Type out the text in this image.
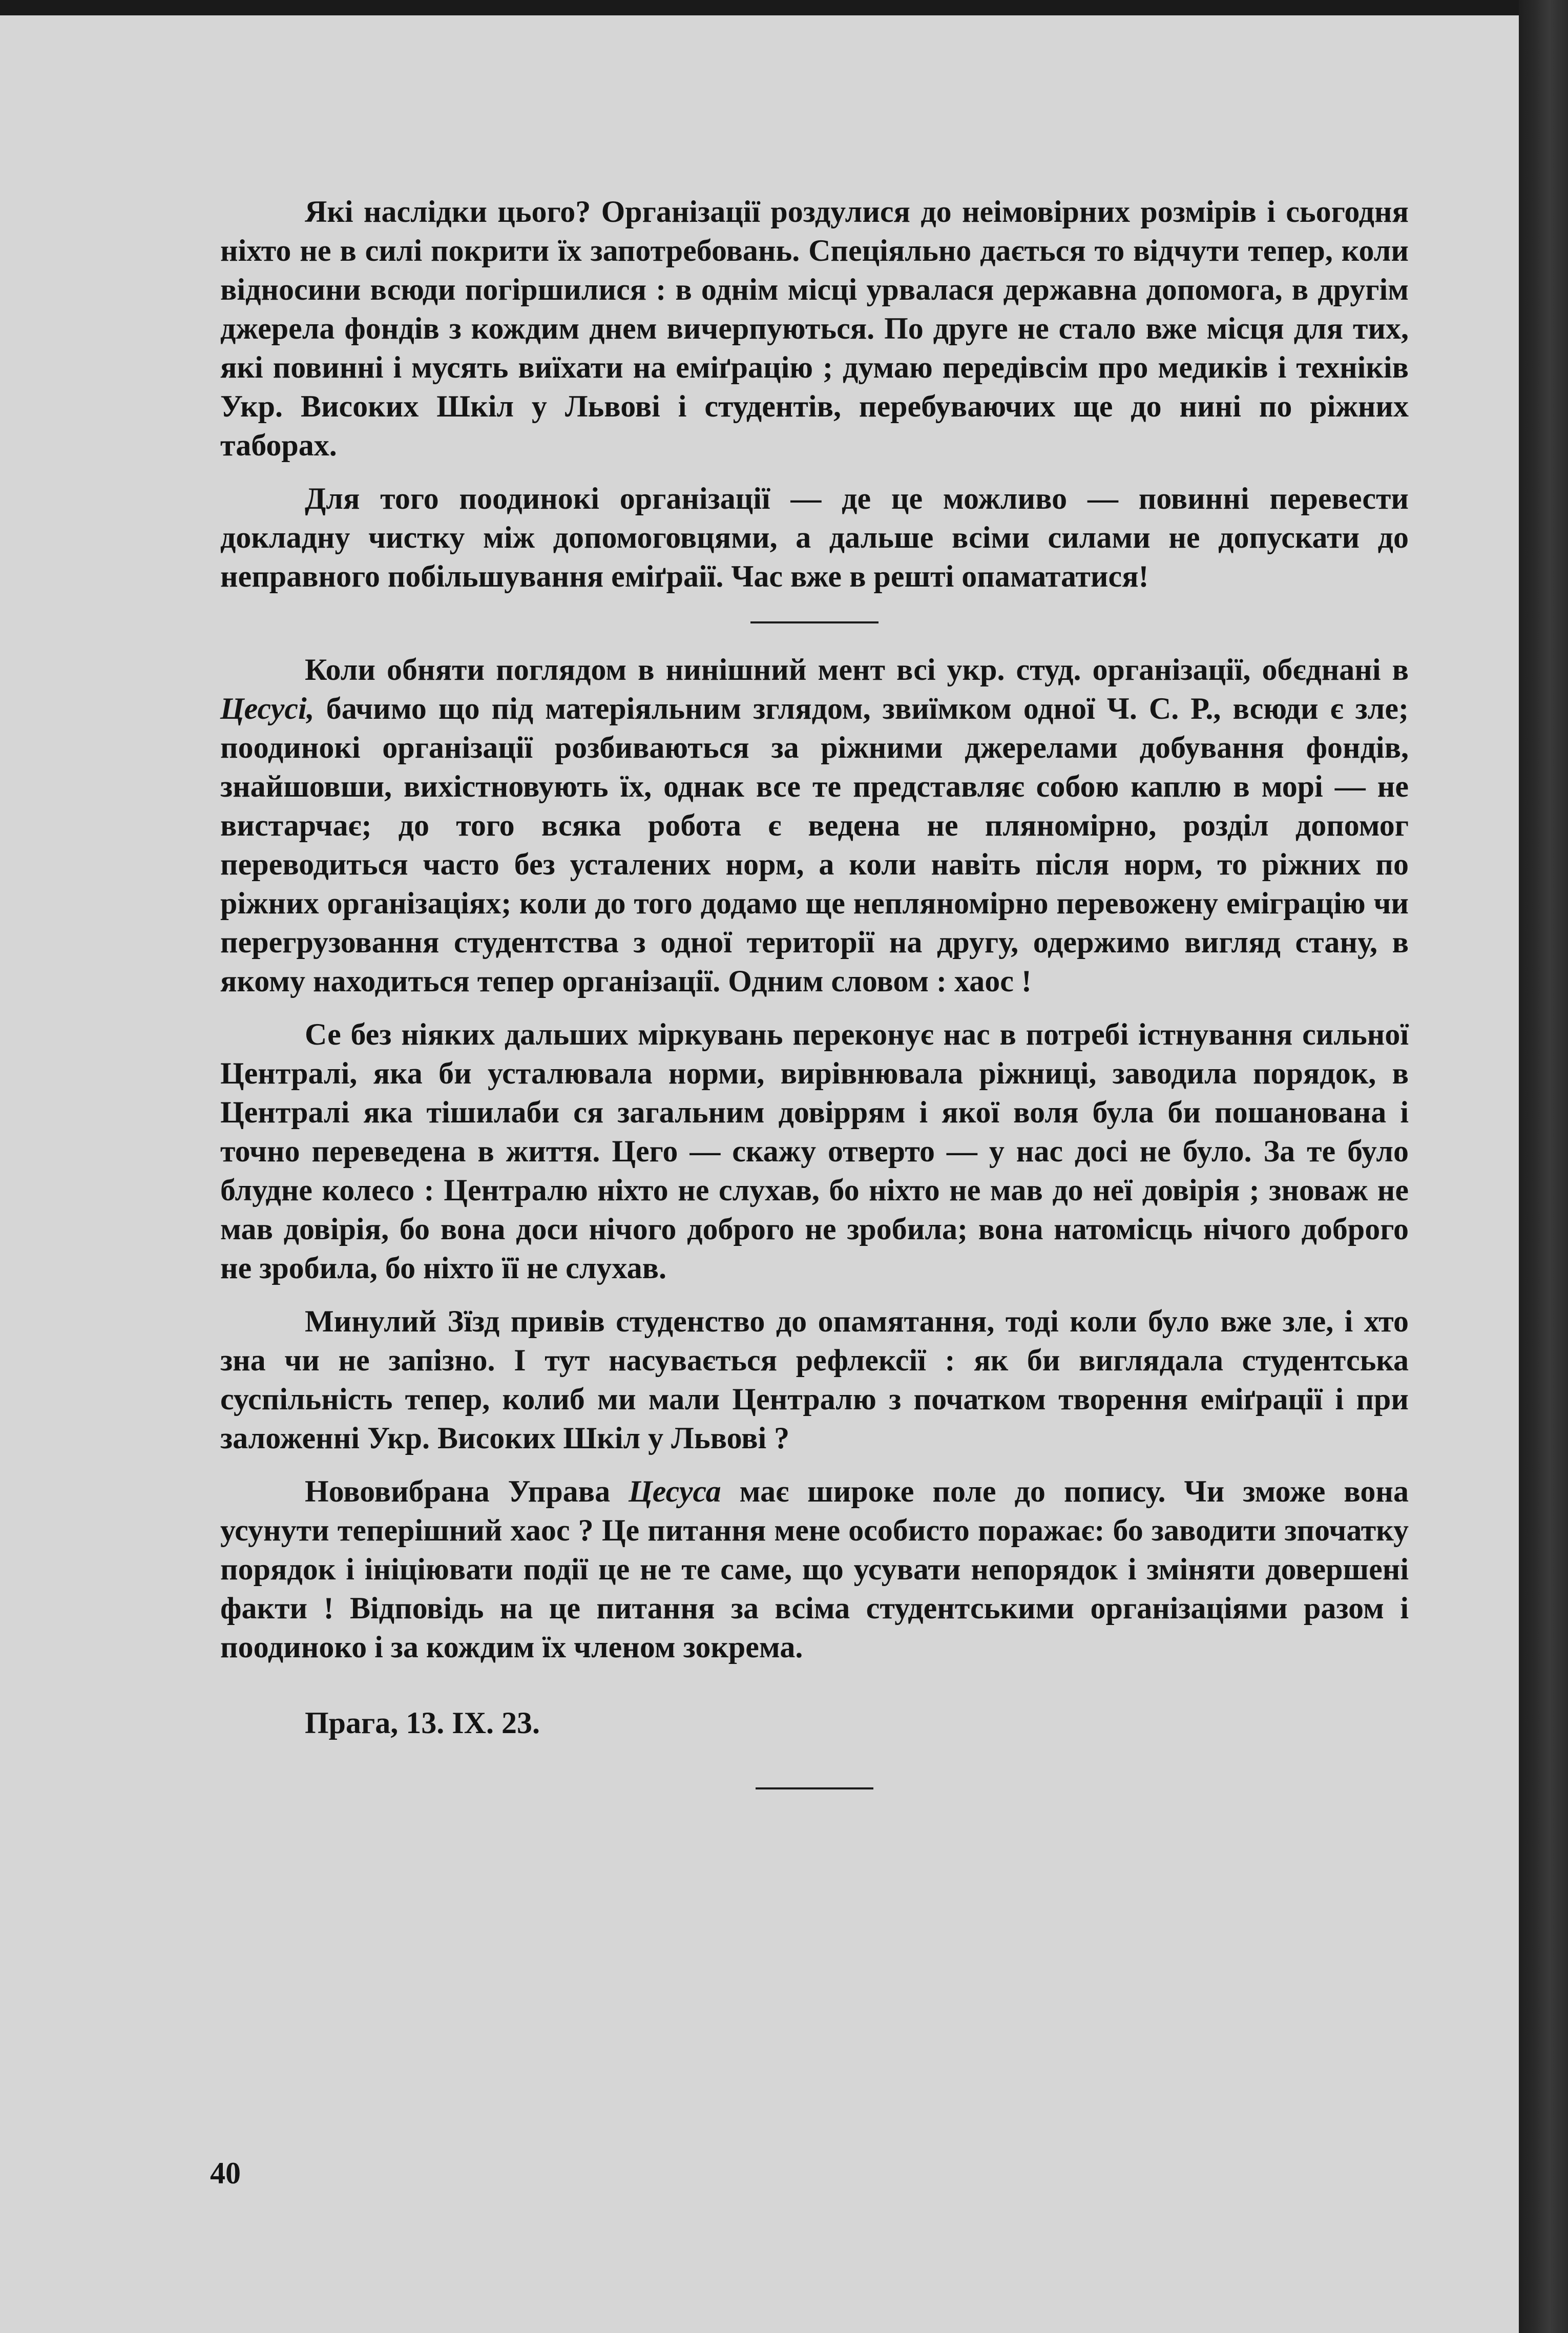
Які наслідки цього? Організації роздулися до неімовірних розмірів і сьогодня ніхто не в силі покрити їх запотребовань. Спеціяльно дається то відчути тепер, коли відносини всюди погіршилися : в однім місці урвалася державна допомога, в другім джерела фондів з кождим днем вичерпуються. По друге не стало вже місця для тих, які повинні і мусять виїхати на еміґрацію ; думаю передівсім про медиків і техніків Укр. Високих Шкіл у Львові і студентів, перебуваючих ще до нині по ріжних таборах.

Для того поодинокі організації — де це можливо — повинні перевести докладну чистку між допомоговцями, а дальше всіми силами не допускати до неправного побільшування еміґраії. Час вже в решті опамататися!

Коли обняти поглядом в нинішний мент всі укр. студ. організації, обєднані в Цесусі, бачимо що під матеріяльним зглядом, звиїмком одної Ч. С. Р., всюди є зле; поодинокі організації розбиваються за ріжними джерелами добування фондів, знайшовши, вихістновують їх, однак все те представляє собою каплю в морі — не вистарчає; до того всяка робота є ведена не пляномірно, розділ допомог переводиться часто без усталених норм, а коли навіть після норм, то ріжних по ріжних організаціях; коли до того додамо ще непляномірно перевожену еміграцію чи перегрузовання студентства з одної території на другу, одержимо вигляд стану, в якому находиться тепер організації. Одним словом : хаос !

Се без ніяких дальших міркувань переконує нас в потребі істнування сильної Централі, яка би усталювала норми, вирівнювала ріжниці, заводила порядок, в Централі яка тішилаби ся загальним довіррям і якої воля була би пошанована і точно переведена в життя. Цего — скажу отверто — у нас досі не було. За те було блудне колесо : Централю ніхто не слухав, бо ніхто не мав до неї довірія ; зноваж не мав довірія, бо вона доси нічого доброго не зробила; вона натомісць нічого доброго не зробила, бо ніхто її не слухав.

Минулий Зїзд привів студенство до опамятання, тоді коли було вже зле, і хто зна чи не запізно. І тут насувається рефлексії : як би виглядала студентська суспільність тепер, колиб ми мали Централю з початком творення еміґрації і при заложенні Укр. Високих Шкіл у Львові ?

Нововибрана Управа Цесуса має широке поле до попису. Чи зможе вона усунути теперішний хаос ? Це питання мене особисто поражає: бо заводити зпочатку порядок і ініціювати події це не те саме, що усувати непорядок і зміняти довершені факти ! Відповідь на це питання за всіма студентськими організаціями разом і поодиноко і за кождим їх членом зокрема.

Прага, 13. IX. 23.

40
